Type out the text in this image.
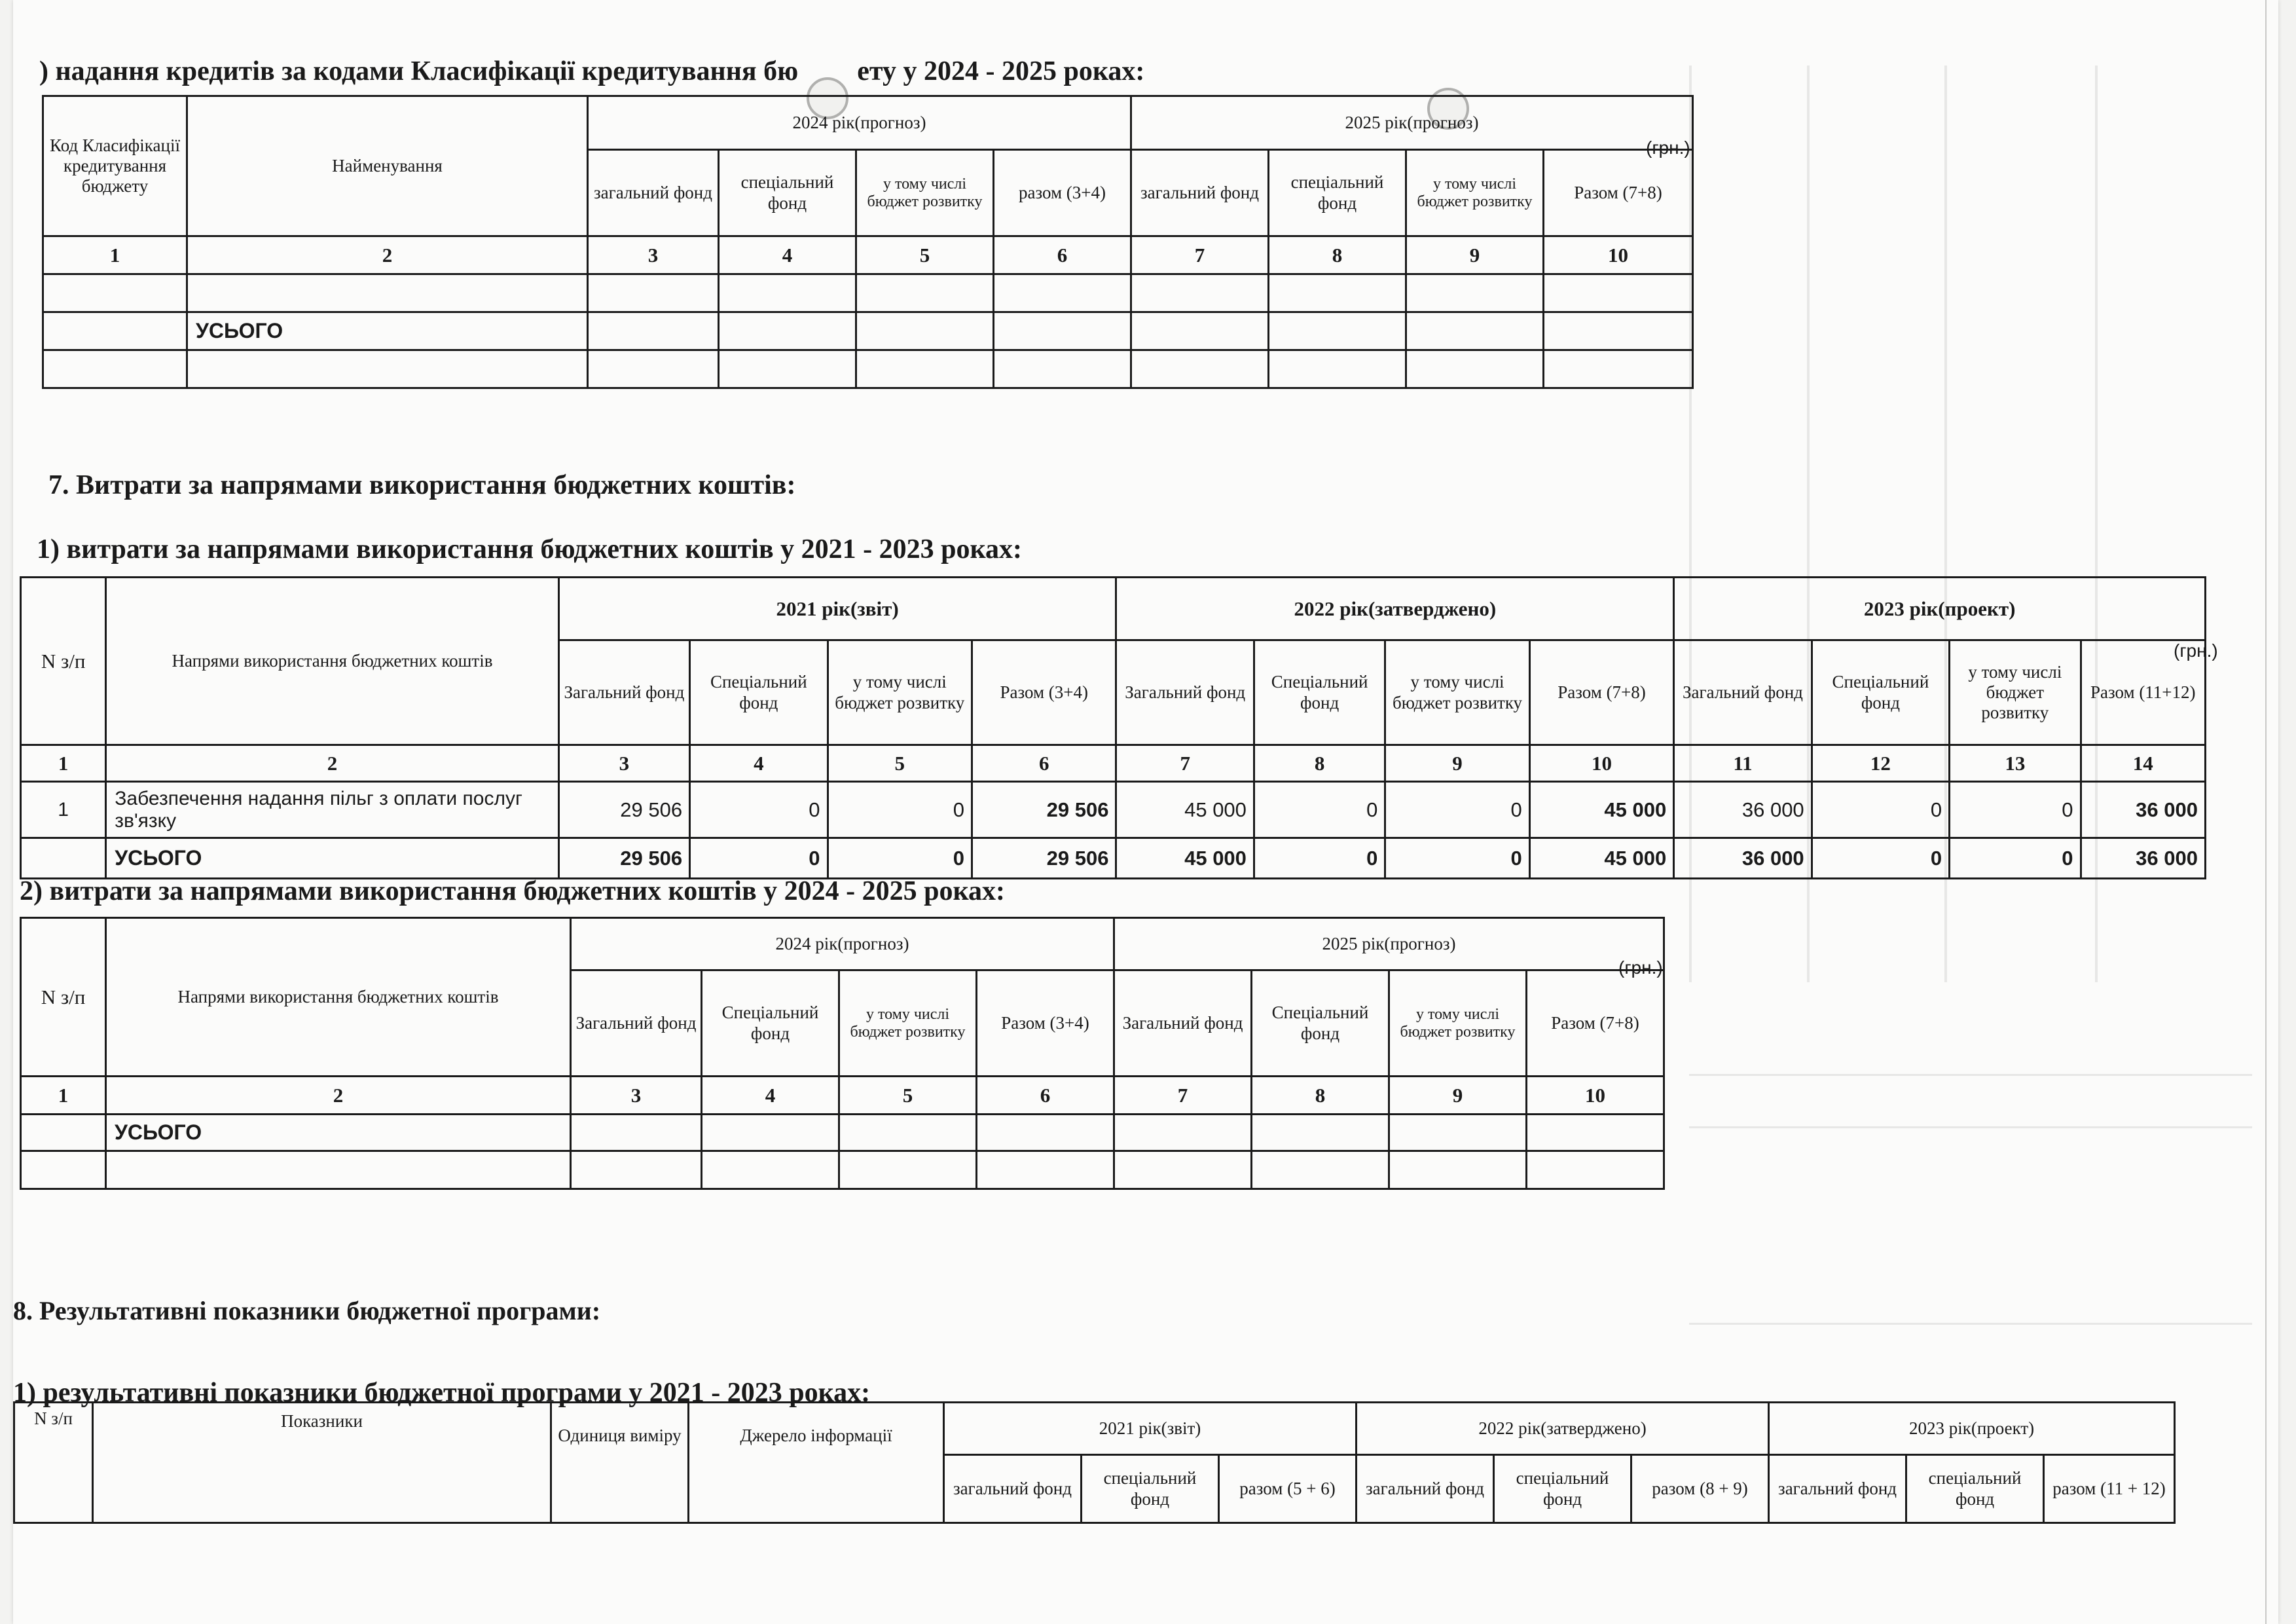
) надання кредитів за кодами Класифікації кредитування бю ету у 2024 - 2025 роках:
(грн.)
Код Класифікації кредитування бюджету	Найменування	2024 рік(прогноз)				2025 рік(прогноз)			
		загальний фонд	спеціальний фонд	у тому числі бюджет розвитку	разом (3+4)	загальний фонд	спеціальний фонд	у тому числі бюджет розвитку	Разом (7+8)
1	2	3	4	5	6	7	8	9	10

	УСЬОГО								

7. Витрати за напрямами використання бюджетних коштів:
1) витрати за напрямами використання бюджетних коштів у 2021 - 2023 роках:
(грн.)
N з/п	Напрями використання бюджетних коштів	2021 рік(звіт)				2022 рік(затверджено)				2023 рік(проект)			
		Загальний фонд	Спеціальний фонд	у тому числі бюджет розвитку	Разом (3+4)	Загальний фонд	Спеціальний фонд	у тому числі бюджет розвитку	Разом (7+8)	Загальний фонд	Спеціальний фонд	у тому числі бюджет розвитку	Разом (11+12)
1	2	3	4	5	6	7	8	9	10	11	12	13	14
1	Забезпечення надання пільг з оплати послуг зв'язку	29 506	0	0	29 506	45 000	0	0	45 000	36 000	0	0	36 000
	УСЬОГО	29 506	0	0	29 506	45 000	0	0	45 000	36 000	0	0	36 000
2) витрати за напрямами використання бюджетних коштів у 2024 - 2025 роках:
(грн.)
N з/п	Напрями використання бюджетних коштів	2024 рік(прогноз)				2025 рік(прогноз)			
		Загальний фонд	Спеціальний фонд	у тому числі бюджет розвитку	Разом (3+4)	Загальний фонд	Спеціальний фонд	у тому числі бюджет розвитку	Разом (7+8)
1	2	3	4	5	6	7	8	9	10
	УСЬОГО								

8. Результативні показники бюджетної програми:
1) результативні показники бюджетної програми у 2021 - 2023 роках:
N з/п	Показники	Одиниця виміру	Джерело інформації	2021 рік(звіт)			2022 рік(затверджено)			2023 рік(проект)		
				загальний фонд	спеціальний фонд	разом (5 + 6)	загальний фонд	спеціальний фонд	разом (8 + 9)	загальний фонд	спеціальний фонд	разом (11 + 12)
